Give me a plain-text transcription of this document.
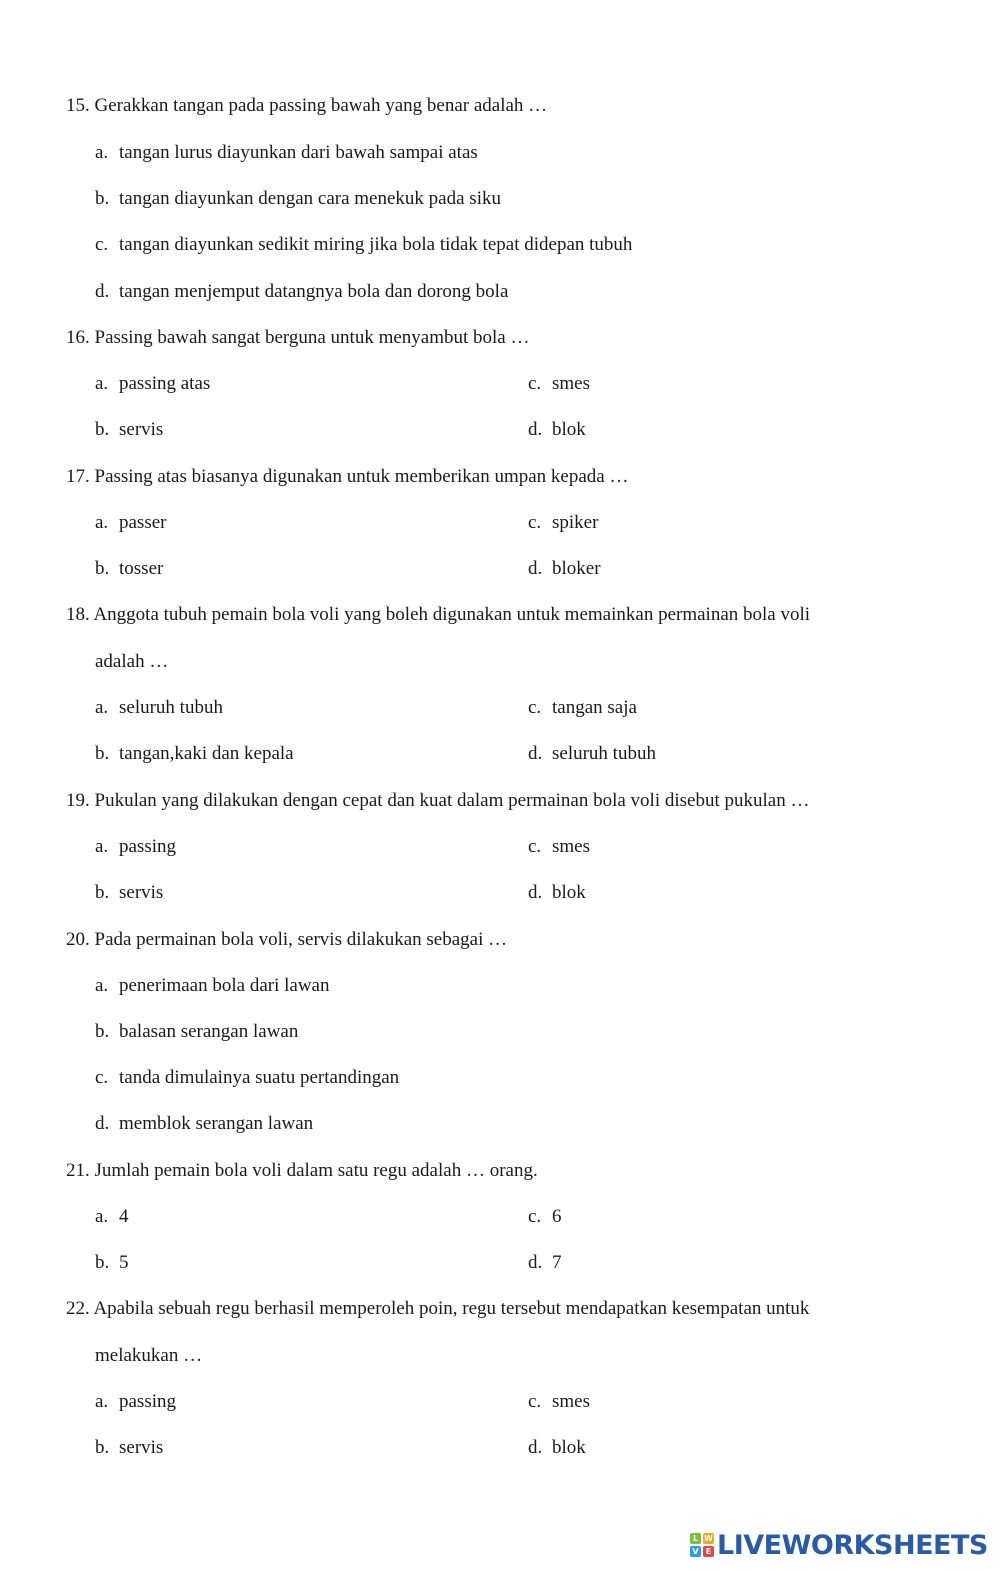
15. Gerakkan tangan pada passing bawah yang benar adalah …
a. tangan lurus diayunkan dari bawah sampai atas
b. tangan diayunkan dengan cara menekuk pada siku
c. tangan diayunkan sedikit miring jika bola tidak tepat didepan tubuh
d. tangan menjemput datangnya bola dan dorong bola
16. Passing bawah sangat berguna untuk menyambut bola …
a. passing atas	c. smes
b. servis	d. blok
17. Passing atas biasanya digunakan untuk memberikan umpan kepada …
a. passer	c. spiker
b. tosser	d. bloker
18. Anggota tubuh pemain bola voli yang boleh digunakan untuk memainkan permainan bola voli
adalah …
a. seluruh tubuh	c. tangan saja
b. tangan,kaki dan kepala	d. seluruh tubuh
19. Pukulan yang dilakukan dengan cepat dan kuat dalam permainan bola voli disebut pukulan …
a. passing	c. smes
b. servis	d. blok
20. Pada permainan bola voli, servis dilakukan sebagai …
a. penerimaan bola dari lawan
b. balasan serangan lawan
c. tanda dimulainya suatu pertandingan
d. memblok serangan lawan
21. Jumlah pemain bola voli dalam satu regu adalah … orang.
a. 4	c. 6
b. 5	d. 7
22. Apabila sebuah regu berhasil memperoleh poin, regu tersebut mendapatkan kesempatan untuk
melakukan …
a. passing	c. smes
b. servis	d. blok
L W
V E LIVEWORKSHEETS
